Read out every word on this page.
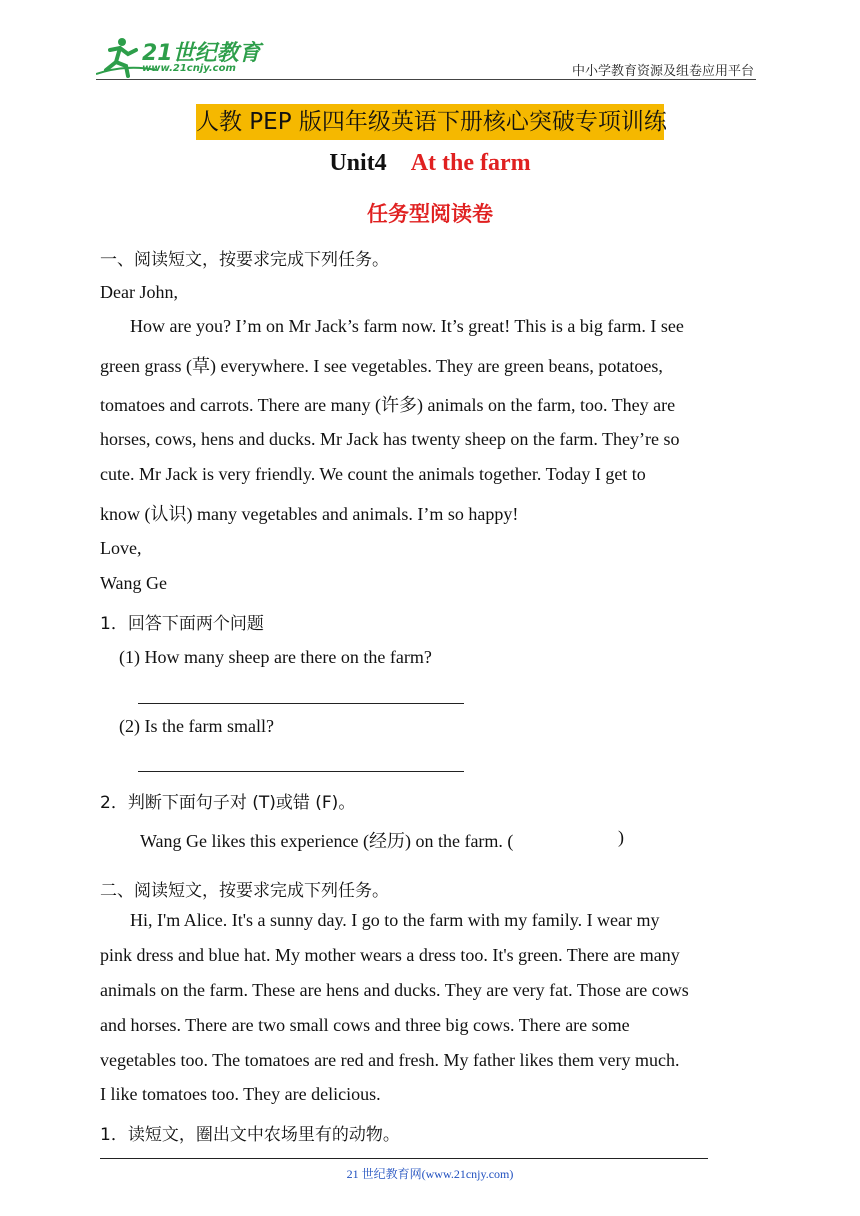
21世纪教育
www.21cnjy.com	中小学教育资源及组卷应用平台
人教 PEP 版四年级英语下册核心突破专项训练
Unit4 At the farm
任务型阅读卷
一、阅读短文，按要求完成下列任务。
Dear John,
How are you? I’m on Mr Jack’s farm now. It’s great! This is a big farm. I see
green grass (草) everywhere. I see vegetables. They are green beans, potatoes,
tomatoes and carrots. There are many (许多) animals on the farm, too. They are
horses, cows, hens and ducks. Mr Jack has twenty sheep on the farm. They’re so
cute. Mr Jack is very friendly. We count the animals together. Today I get to
know (认识) many vegetables and animals. I’m so happy!
Love,
Wang Ge
1．回答下面两个问题
(1) How many sheep are there on the farm?
(2) Is the farm small?
2．判断下面句子对 (T)或错 (F)。
Wang Ge likes this experience (经历) on the farm. (	)
二、阅读短文，按要求完成下列任务。
Hi, I'm Alice. It's a sunny day. I go to the farm with my family. I wear my
pink dress and blue hat. My mother wears a dress too. It's green. There are many
animals on the farm. These are hens and ducks. They are very fat. Those are cows
and horses. There are two small cows and three big cows. There are some
vegetables too. The tomatoes are red and fresh. My father likes them very much.
I like tomatoes too. They are delicious.
1．读短文，圈出文中农场里有的动物。
21 世纪教育网(www.21cnjy.com)
